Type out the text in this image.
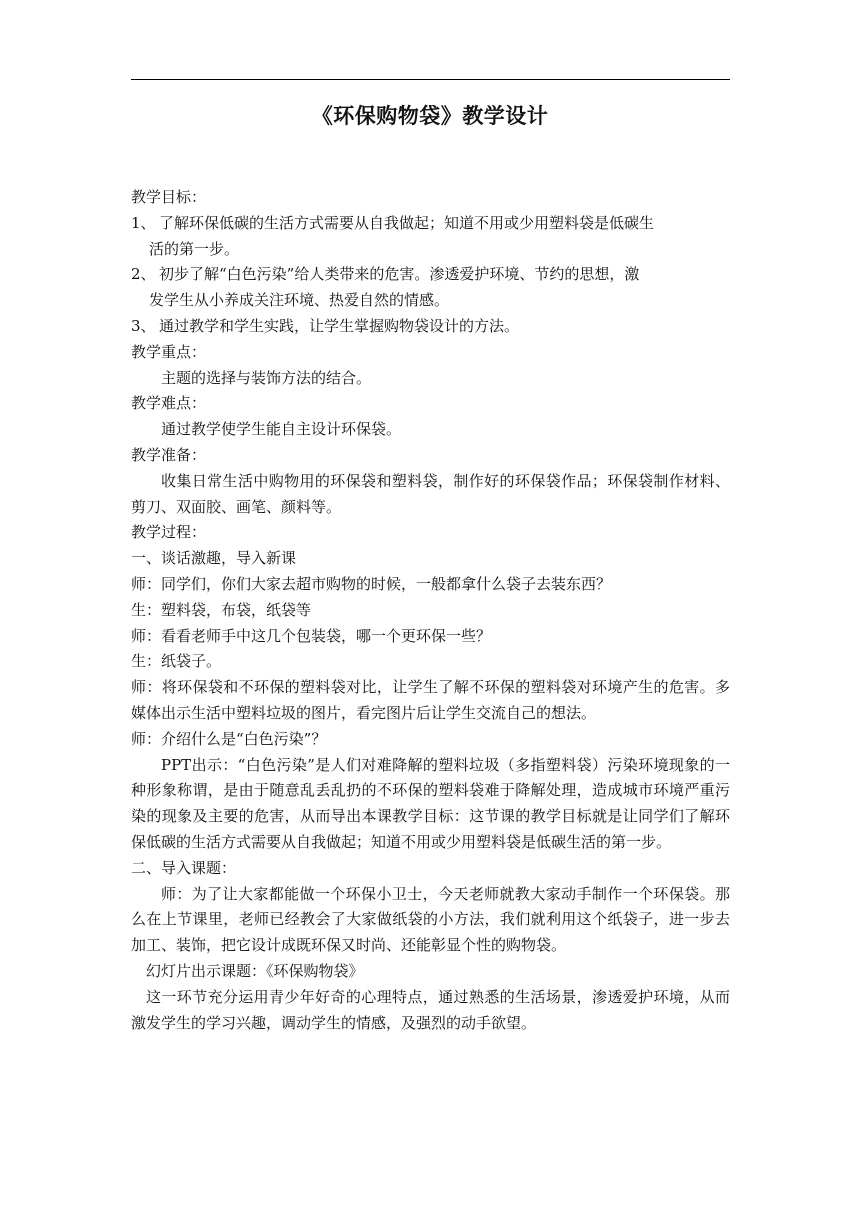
《环保购物袋》教学设计

教学目标：

1、 了解环保低碳的生活方式需要从自我做起；知道不用或少用塑料袋是低碳生

活的第一步。

2、 初步了解“白色污染”给人类带来的危害。渗透爱护环境、节约的思想，激

发学生从小养成关注环境、热爱自然的情感。

3、 通过教学和学生实践，让学生掌握购物袋设计的方法。

教学重点：

主题的选择与装饰方法的结合。

教学难点：

通过教学使学生能自主设计环保袋。

教学准备：

收集日常生活中购物用的环保袋和塑料袋，制作好的环保袋作品；环保袋制作材料、剪刀、双面胶、画笔、颜料等。

教学过程：

一、谈话激趣，导入新课

师：同学们，你们大家去超市购物的时候，一般都拿什么袋子去装东西？

生：塑料袋，布袋，纸袋等

师：看看老师手中这几个包装袋，哪一个更环保一些？

生：纸袋子。

师：将环保袋和不环保的塑料袋对比，让学生了解不环保的塑料袋对环境产生的危害。多媒体出示生活中塑料垃圾的图片，看完图片后让学生交流自己的想法。

师：介绍什么是“白色污染”？

PPT出示：“白色污染”是人们对难降解的塑料垃圾（多指塑料袋）污染环境现象的一种形象称谓，是由于随意乱丢乱扔的不环保的塑料袋难于降解处理，造成城市环境严重污染的现象及主要的危害，从而导出本课教学目标：这节课的教学目标就是让同学们了解环保低碳的生活方式需要从自我做起；知道不用或少用塑料袋是低碳生活的第一步。

二、导入课题：

师：为了让大家都能做一个环保小卫士，今天老师就教大家动手制作一个环保袋。那么在上节课里，老师已经教会了大家做纸袋的小方法，我们就利用这个纸袋子，进一步去加工、装饰，把它设计成既环保又时尚、还能彰显个性的购物袋。

幻灯片出示课题：《环保购物袋》

这一环节充分运用青少年好奇的心理特点，通过熟悉的生活场景，渗透爱护环境，从而激发学生的学习兴趣，调动学生的情感，及强烈的动手欲望。
